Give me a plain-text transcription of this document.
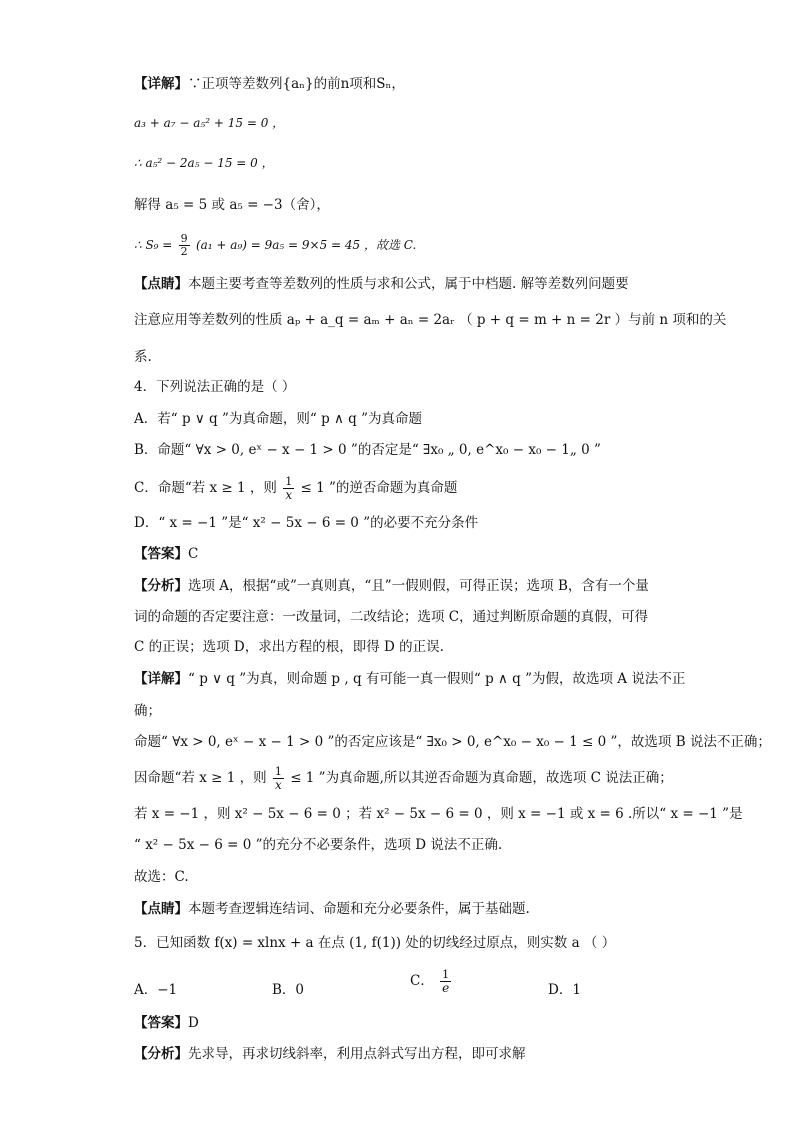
【详解】∵正项等差数列{aₙ}的前n项和Sₙ，
a₃ + a₇ − a₅² + 15 = 0 ，
∴ a₅² − 2a₅ − 15 = 0 ，
解得 a₅ = 5 或 a₅ = −3（舍），
∴ $S_9 = \frac{9}{2} (a_1 + a_9) = 9a_5 = 9\times 5 = 45$ ，故选 C.
【点睛】本题主要考查等差数列的性质与求和公式，属于中档题. 解等差数列问题要
注意应用等差数列的性质 aₚ + a_q = aₘ + aₙ = 2aᵣ （ p + q = m + n = 2r ）与前 n 项和的关
系.
4．下列说法正确的是（ ）
A．若“ p ∨ q ”为真命题，则“ p ∧ q ”为真命题
B．命题“ ∀x > 0, eˣ − x − 1 > 0 ”的否定是“ ∃x₀ „ 0, e^x₀ − x₀ − 1„ 0 ”
C．命题“若 x ≥ 1 ，则 $\frac{1}{x} \le 1$ ”的逆否命题为真命题
D．“ x = −1 ”是“ x² − 5x − 6 = 0 ”的必要不充分条件
【答案】C
【分析】选项 A，根据“或”一真则真，“且”一假则假，可得正误；选项 B，含有一个量
词的命题的否定要注意：一改量词，二改结论；选项 C，通过判断原命题的真假，可得
C 的正误；选项 D，求出方程的根，即得 D 的正误.
【详解】“ p ∨ q ”为真，则命题 p , q 有可能一真一假则“ p ∧ q ”为假，故选项 A 说法不正
确；
命题“ ∀x > 0, eˣ − x − 1 > 0 ”的否定应该是“ ∃x₀ > 0, e^x₀ − x₀ − 1 ≤ 0 ”，故选项 B 说法不正确；
因命题“若 x ≥ 1 ，则 $\frac{1}{x} \le 1$ ”为真命题,所以其逆否命题为真命题，故选项 C 说法正确；
若 x = −1 ，则 x² − 5x − 6 = 0 ；若 x² − 5x − 6 = 0 ，则 x = −1 或 x = 6 .所以“ x = −1 ”是
“ x² − 5x − 6 = 0 ”的充分不必要条件，选项 D 说法不正确.
故选：C.
【点睛】本题考查逻辑连结词、命题和充分必要条件，属于基础题.
5．已知函数 f(x) = xlnx + a 在点 (1, f(1)) 处的切线经过原点，则实数 a （ ）
A．−1	B．0
C． $\frac{1}{e}$	D．1
【答案】D
【分析】先求导，再求切线斜率，利用点斜式写出方程，即可求解
